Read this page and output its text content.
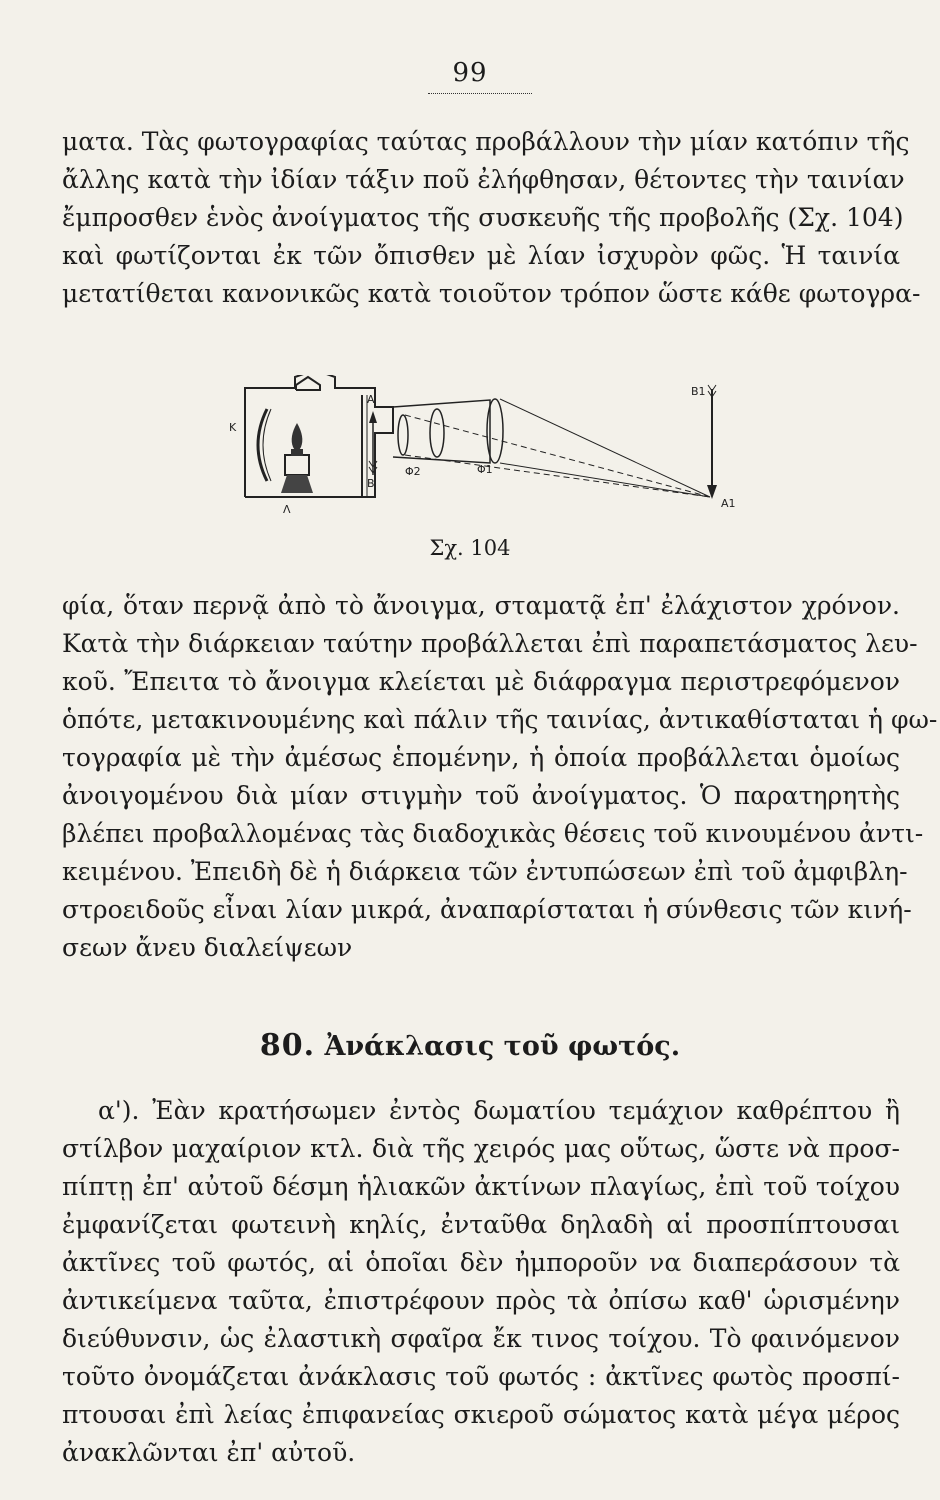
99
ματα. Τὰς φωτογραφίας ταύτας προβάλλουν τὴν μίαν κατόπιν τῆς
ἄλλης κατὰ τὴν ἰδίαν τάξιν ποῦ ἐλήφθησαν, θέτοντες τὴν ταινίαν
ἔμπροσθεν ἑνὸς ἀνοίγματος τῆς συσκευῆς τῆς προβολῆς (Σχ. 104)
καὶ φωτίζονται ἐκ τῶν ὄπισθεν μὲ λίαν ἰσχυρὸν φῶς. Ἡ ταινία
μετατίθεται κανονικῶς κατὰ τοιοῦτον τρόπον ὥστε κάθε φωτογρα-
K
Λ
A
B
Φ2	Φ1
B1
A1
Σχ. 104
φία, ὅταν περνᾷ ἀπὸ τὸ ἄνοιγμα, σταματᾷ ἐπ' ἐλάχιστον χρόνον.
Κατὰ τὴν διάρκειαν ταύτην προβάλλεται ἐπὶ παραπετάσματος λευ-
κοῦ. Ἔπειτα τὸ ἄνοιγμα κλείεται μὲ διάφραγμα περιστρεφόμενον
ὁπότε, μετακινουμένης καὶ πάλιν τῆς ταινίας, ἀντικαθίσταται ἡ φω-
τογραφία μὲ τὴν ἀμέσως ἑπομένην, ἡ ὁποία προβάλλεται ὁμοίως
ἀνοιγομένου διὰ μίαν στιγμὴν τοῦ ἀνοίγματος. Ὁ παρατηρητὴς
βλέπει προβαλλομένας τὰς διαδοχικὰς θέσεις τοῦ κινουμένου ἀντι-
κειμένου. Ἐπειδὴ δὲ ἡ διάρκεια τῶν ἐντυπώσεων ἐπὶ τοῦ ἀμφιβλη-
στροειδοῦς εἶναι λίαν μικρά, ἀναπαρίσταται ἡ σύνθεσις τῶν κινή-
σεων ἄνευ διαλείψεων
80. Ἀνάκλασις τοῦ φωτός.
α'). Ἐὰν κρατήσωμεν ἐντὸς δωματίου τεμάχιον καθρέπτου ἢ
στίλβον μαχαίριον κτλ. διὰ τῆς χειρός μας οὕτως, ὥστε νὰ προσ-
πίπτῃ ἐπ' αὐτοῦ δέσμη ἡλιακῶν ἀκτίνων πλαγίως, ἐπὶ τοῦ τοίχου
ἐμφανίζεται φωτεινὴ κηλίς, ἐνταῦθα δηλαδὴ αἱ προσπίπτουσαι
ἀκτῖνες τοῦ φωτός, αἱ ὁποῖαι δὲν ἠμποροῦν να διαπεράσουν τὰ
ἀντικείμενα ταῦτα, ἐπιστρέφουν πρὸς τὰ ὀπίσω καθ' ὡρισμένην
διεύθυνσιν, ὡς ἐλαστικὴ σφαῖρα ἔκ τινος τοίχου. Τὸ φαινόμενον
τοῦτο ὀνομάζεται ἀνάκλασις τοῦ φωτός : ἀκτῖνες φωτὸς προσπί-
πτουσαι ἐπὶ λείας ἐπιφανείας σκιεροῦ σώματος κατὰ μέγα μέρος
ἀνακλῶνται ἐπ' αὐτοῦ.
